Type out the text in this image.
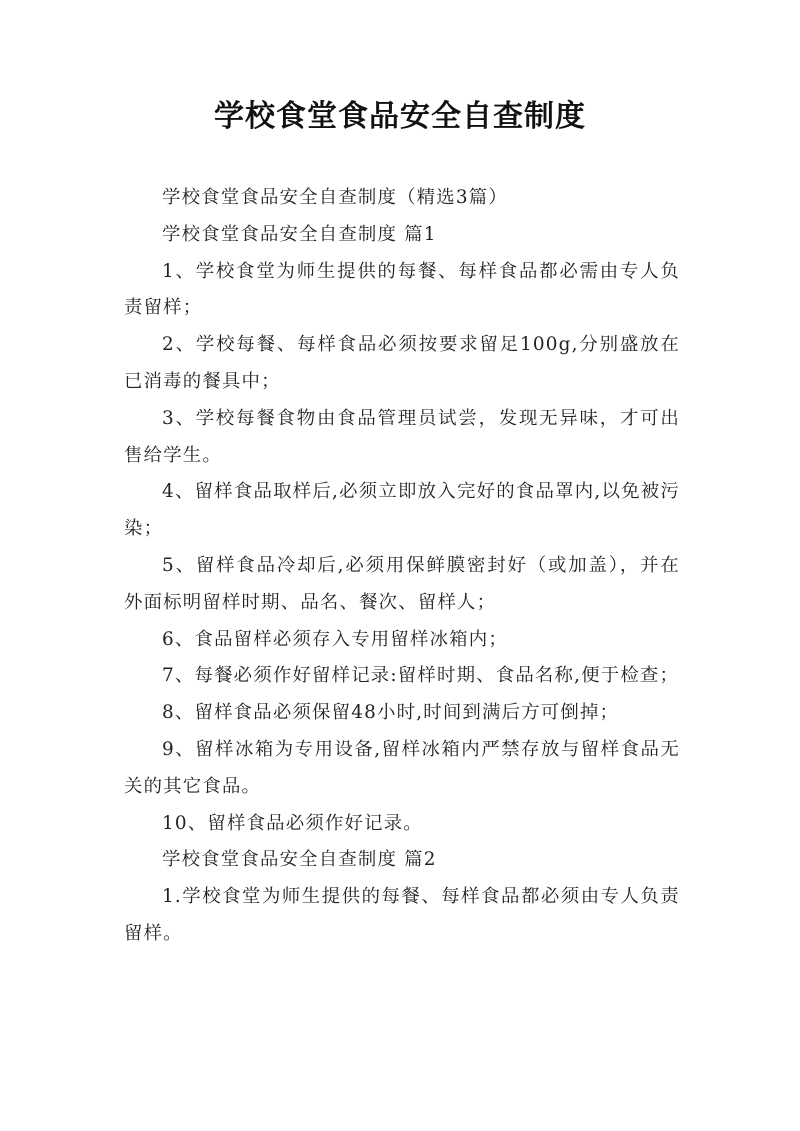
学校食堂食品安全自查制度

学校食堂食品安全自查制度（精选3篇）

学校食堂食品安全自查制度 篇1

1、学校食堂为师生提供的每餐、每样食品都必需由专人负责留样；

2、学校每餐、每样食品必须按要求留足100g,分别盛放在已消毒的餐具中；

3、学校每餐食物由食品管理员试尝，发现无异味，才可出售给学生。

4、留样食品取样后,必须立即放入完好的食品罩内,以免被污染；

5、留样食品冷却后,必须用保鲜膜密封好（或加盖），并在外面标明留样时期、品名、餐次、留样人；

6、食品留样必须存入专用留样冰箱内；

7、每餐必须作好留样记录:留样时期、食品名称,便于检查；

8、留样食品必须保留48小时,时间到满后方可倒掉；

9、留样冰箱为专用设备,留样冰箱内严禁存放与留样食品无关的其它食品。

10、留样食品必须作好记录。

学校食堂食品安全自查制度 篇2

1.学校食堂为师生提供的每餐、每样食品都必须由专人负责留样。
